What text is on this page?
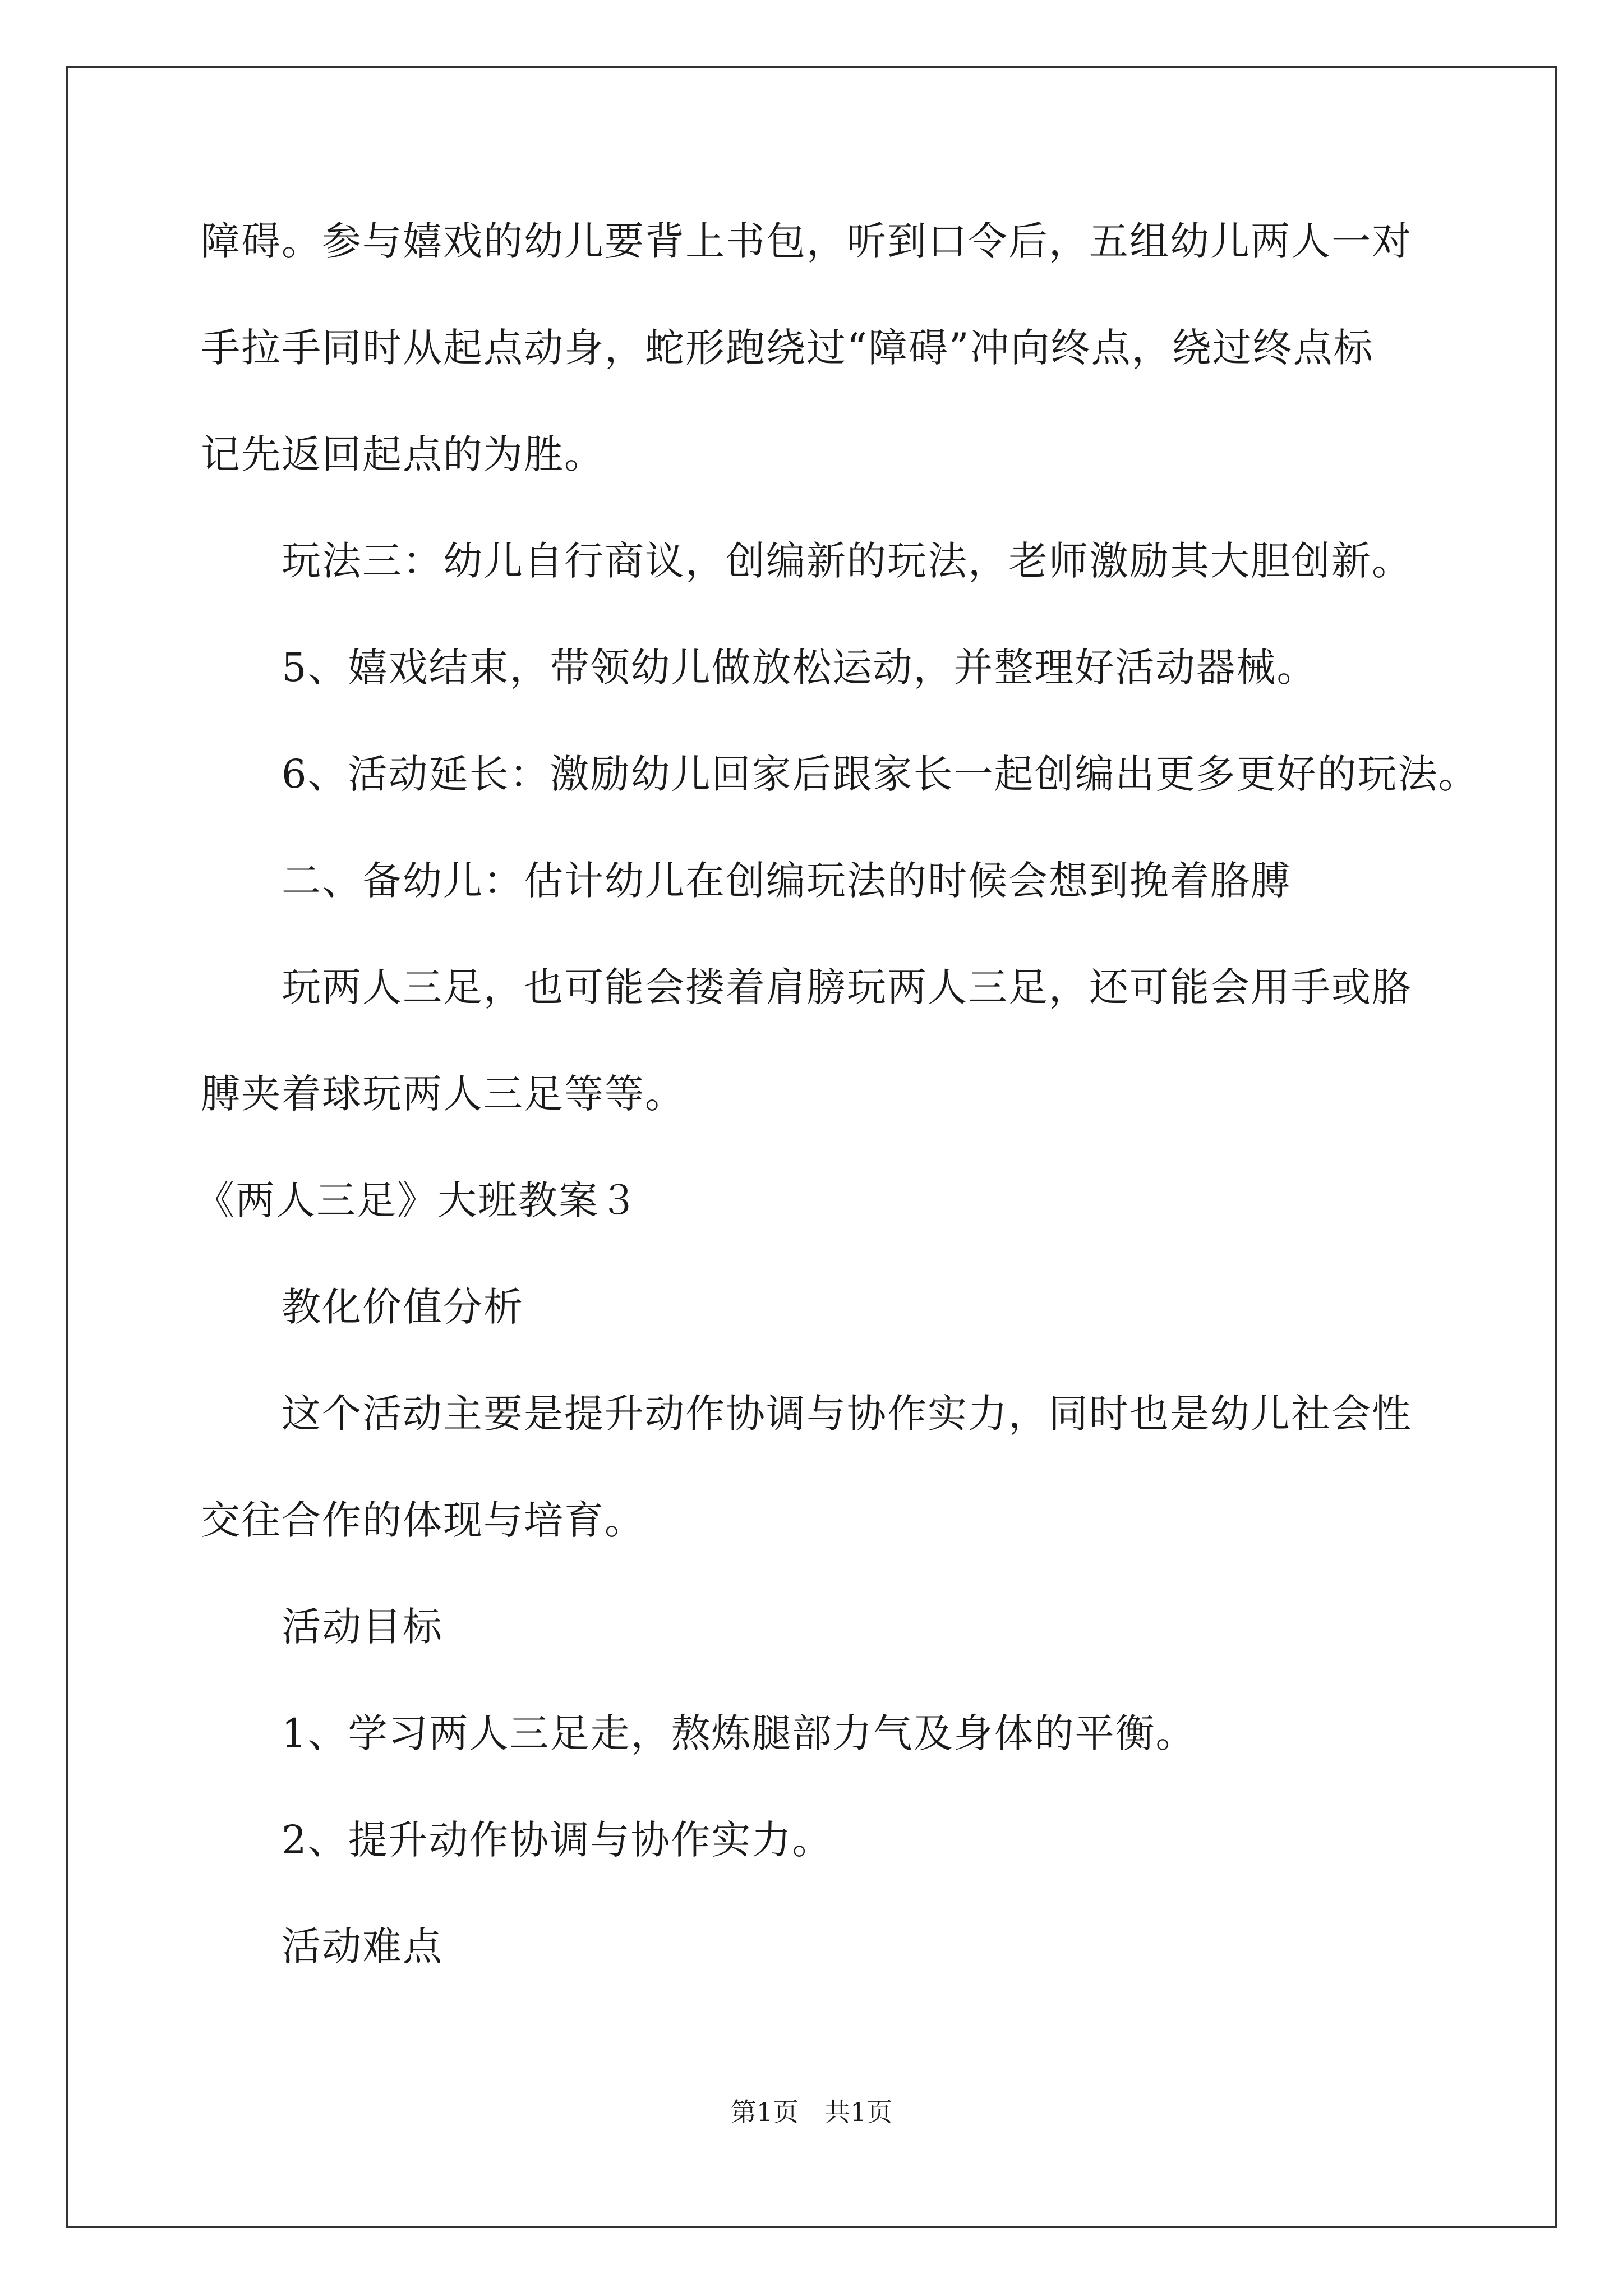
障碍。参与嬉戏的幼儿要背上书包，听到口令后，五组幼儿两人一对
手拉手同时从起点动身，蛇形跑绕过“障碍”冲向终点，绕过终点标
记先返回起点的为胜。
玩法三：幼儿自行商议，创编新的玩法，老师激励其大胆创新。
5、嬉戏结束，带领幼儿做放松运动，并整理好活动器械。
6、活动延长：激励幼儿回家后跟家长一起创编出更多更好的玩法。
二、备幼儿：估计幼儿在创编玩法的时候会想到挽着胳膊
玩两人三足，也可能会搂着肩膀玩两人三足，还可能会用手或胳
膊夹着球玩两人三足等等。
《两人三足》大班教案３
教化价值分析
这个活动主要是提升动作协调与协作实力，同时也是幼儿社会性
交往合作的体现与培育。
活动目标
1、学习两人三足走，熬炼腿部力气及身体的平衡。
2、提升动作协调与协作实力。
活动难点
第1页　共1页
